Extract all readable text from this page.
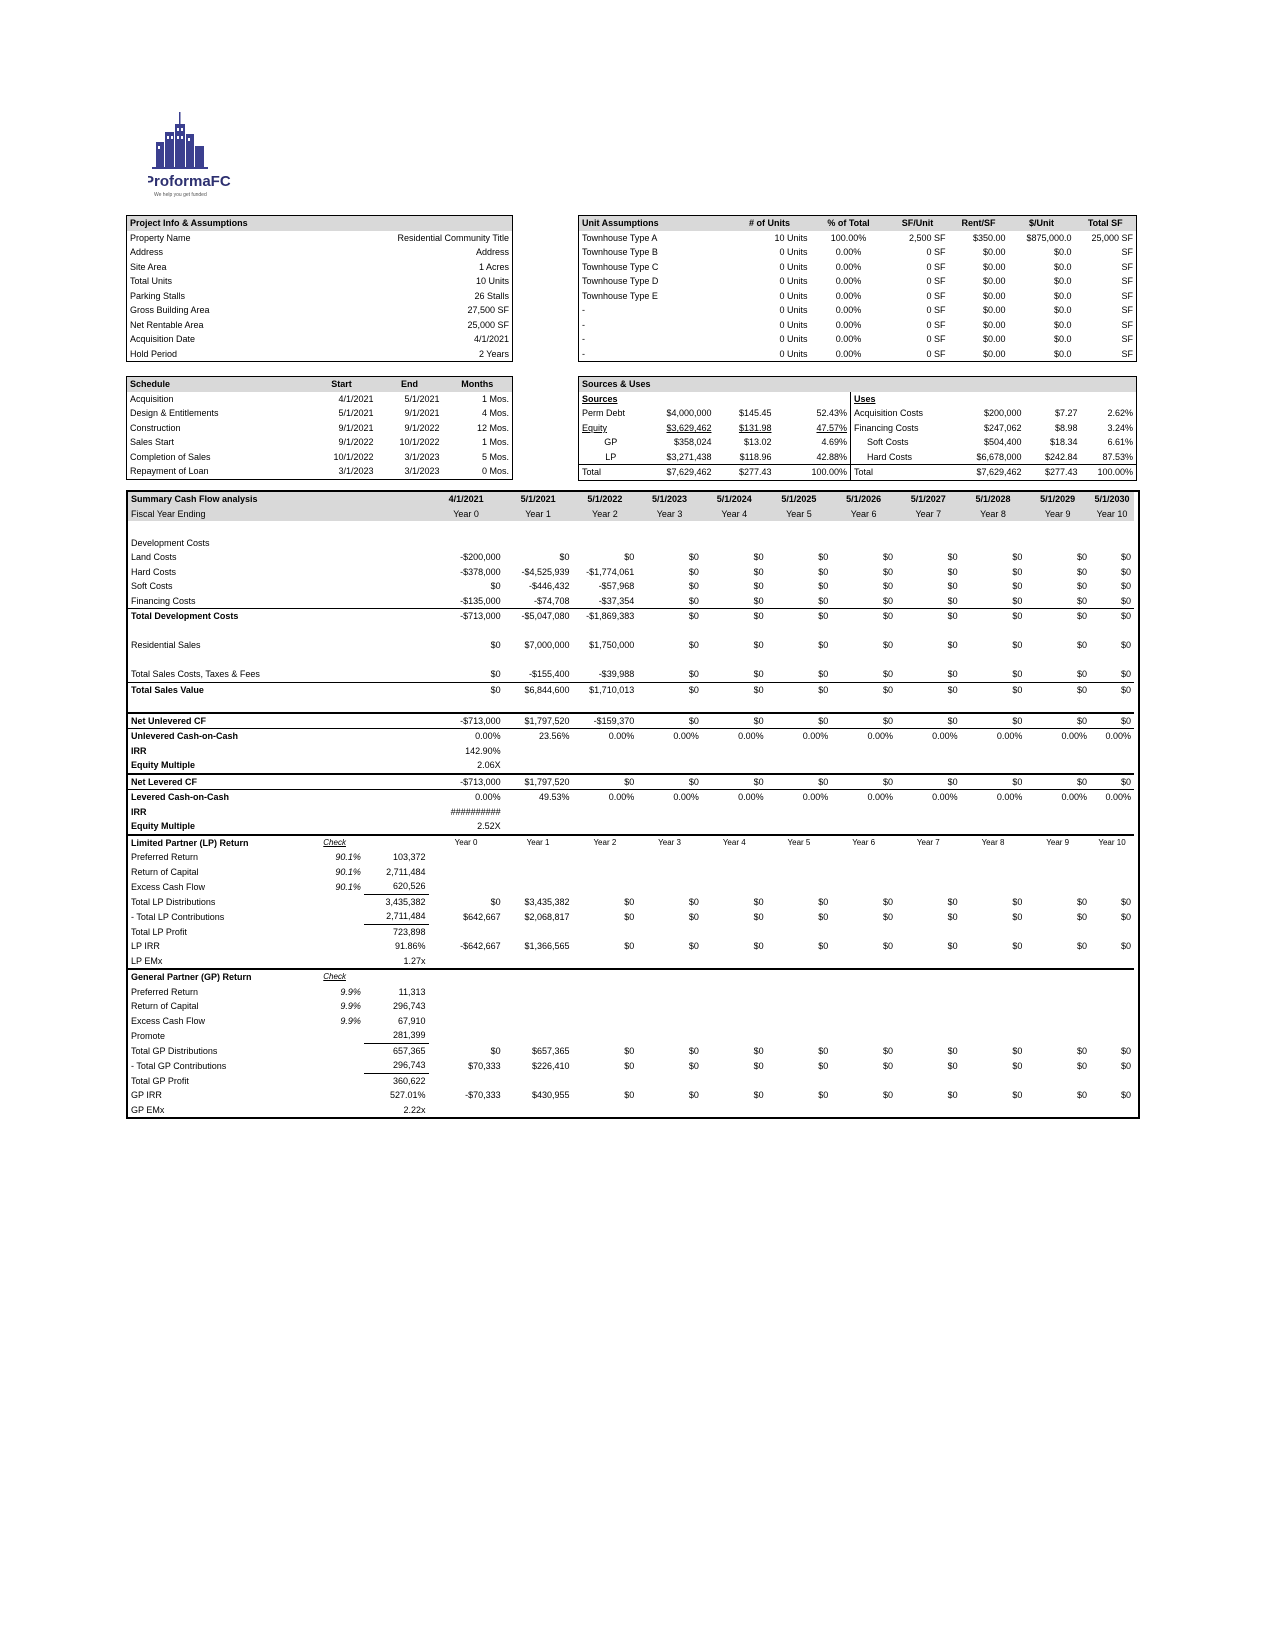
ProformaFC
We help you get funded
Project Info & Assumptions	
Property Name	Residential Community Title
Address	Address
Site Area	1 Acres
Total Units	10 Units
Parking Stalls	26 Stalls
Gross Building Area	27,500 SF
Net Rentable Area	25,000 SF
Acquisition Date	4/1/2021
Hold Period	2 Years
Unit Assumptions	# of Units	% of Total	SF/Unit	Rent/SF	$/Unit	Total SF
Townhouse Type A	10 Units	100.00%	2,500 SF	$350.00	$875,000.0	25,000 SF
Townhouse Type B	0 Units	0.00%	0 SF	$0.00	$0.0	SF
Townhouse Type C	0 Units	0.00%	0 SF	$0.00	$0.0	SF
Townhouse Type D	0 Units	0.00%	0 SF	$0.00	$0.0	SF
Townhouse Type E	0 Units	0.00%	0 SF	$0.00	$0.0	SF
-	0 Units	0.00%	0 SF	$0.00	$0.0	SF
-	0 Units	0.00%	0 SF	$0.00	$0.0	SF
-	0 Units	0.00%	0 SF	$0.00	$0.0	SF
-	0 Units	0.00%	0 SF	$0.00	$0.0	SF
Schedule	Start	End	Months
Acquisition	4/1/2021	5/1/2021	1 Mos.
Design & Entitlements	5/1/2021	9/1/2021	4 Mos.
Construction	9/1/2021	9/1/2022	12 Mos.
Sales Start	9/1/2022	10/1/2022	1 Mos.
Completion of Sales	10/1/2022	3/1/2023	5 Mos.
Repayment of Loan	3/1/2023	3/1/2023	0 Mos.
Sources & Uses							
Sources				Uses			
Perm Debt	$4,000,000	$145.45	52.43%	Acquisition Costs	$200,000	$7.27	2.62%
Equity	$3,629,462	$131.98	47.57%	Financing Costs	$247,062	$8.98	3.24%
GP	$358,024	$13.02	4.69%	Soft Costs	$504,400	$18.34	6.61%
LP	$3,271,438	$118.96	42.88%	Hard Costs	$6,678,000	$242.84	87.53%
Total	$7,629,462	$277.43	100.00%	Total	$7,629,462	$277.43	100.00%
Summary Cash Flow analysis			4/1/2021	5/1/2021	5/1/2022	5/1/2023	5/1/2024	5/1/2025	5/1/2026	5/1/2027	5/1/2028	5/1/2029	5/1/2030
Fiscal Year Ending			Year 0	Year 1	Year 2	Year 3	Year 4	Year 5	Year 6	Year 7	Year 8	Year 9	Year 10

Development Costs													
Land Costs			-$200,000	$0	$0	$0	$0	$0	$0	$0	$0	$0	$0
Hard Costs			-$378,000	-$4,525,939	-$1,774,061	$0	$0	$0	$0	$0	$0	$0	$0
Soft Costs			$0	-$446,432	-$57,968	$0	$0	$0	$0	$0	$0	$0	$0
Financing Costs			-$135,000	-$74,708	-$37,354	$0	$0	$0	$0	$0	$0	$0	$0
Total Development Costs			-$713,000	-$5,047,080	-$1,869,383	$0	$0	$0	$0	$0	$0	$0	$0

Residential Sales			$0	$7,000,000	$1,750,000	$0	$0	$0	$0	$0	$0	$0	$0

Total Sales Costs, Taxes & Fees			$0	-$155,400	-$39,988	$0	$0	$0	$0	$0	$0	$0	$0
Total Sales Value			$0	$6,844,600	$1,710,013	$0	$0	$0	$0	$0	$0	$0	$0

Net Unlevered CF			-$713,000	$1,797,520	-$159,370	$0	$0	$0	$0	$0	$0	$0	$0
Unlevered Cash-on-Cash			0.00%	23.56%	0.00%	0.00%	0.00%	0.00%	0.00%	0.00%	0.00%	0.00%	0.00%
IRR			142.90%										
Equity Multiple			2.06X										
Net Levered CF			-$713,000	$1,797,520	$0	$0	$0	$0	$0	$0	$0	$0	$0
Levered Cash-on-Cash			0.00%	49.53%	0.00%	0.00%	0.00%	0.00%	0.00%	0.00%	0.00%	0.00%	0.00%
IRR			##########										
Equity Multiple			2.52X										
Limited Partner (LP) Return	Check		Year 0	Year 1	Year 2	Year 3	Year 4	Year 5	Year 6	Year 7	Year 8	Year 9	Year 10
Preferred Return	90.1%	103,372											
Return of Capital	90.1%	2,711,484											
Excess Cash Flow	90.1%	620,526											
Total LP Distributions		3,435,382	$0	$3,435,382	$0	$0	$0	$0	$0	$0	$0	$0	$0
- Total LP Contributions		2,711,484	$642,667	$2,068,817	$0	$0	$0	$0	$0	$0	$0	$0	$0
Total LP Profit		723,898											
LP IRR		91.86%	-$642,667	$1,366,565	$0	$0	$0	$0	$0	$0	$0	$0	$0
LP EMx		1.27x											
General Partner (GP) Return	Check												
Preferred Return	9.9%	11,313											
Return of Capital	9.9%	296,743											
Excess Cash Flow	9.9%	67,910											
Promote		281,399											
Total GP Distributions		657,365	$0	$657,365	$0	$0	$0	$0	$0	$0	$0	$0	$0
- Total GP Contributions		296,743	$70,333	$226,410	$0	$0	$0	$0	$0	$0	$0	$0	$0
Total GP Profit		360,622											
GP IRR		527.01%	-$70,333	$430,955	$0	$0	$0	$0	$0	$0	$0	$0	$0
GP EMx		2.22x											
